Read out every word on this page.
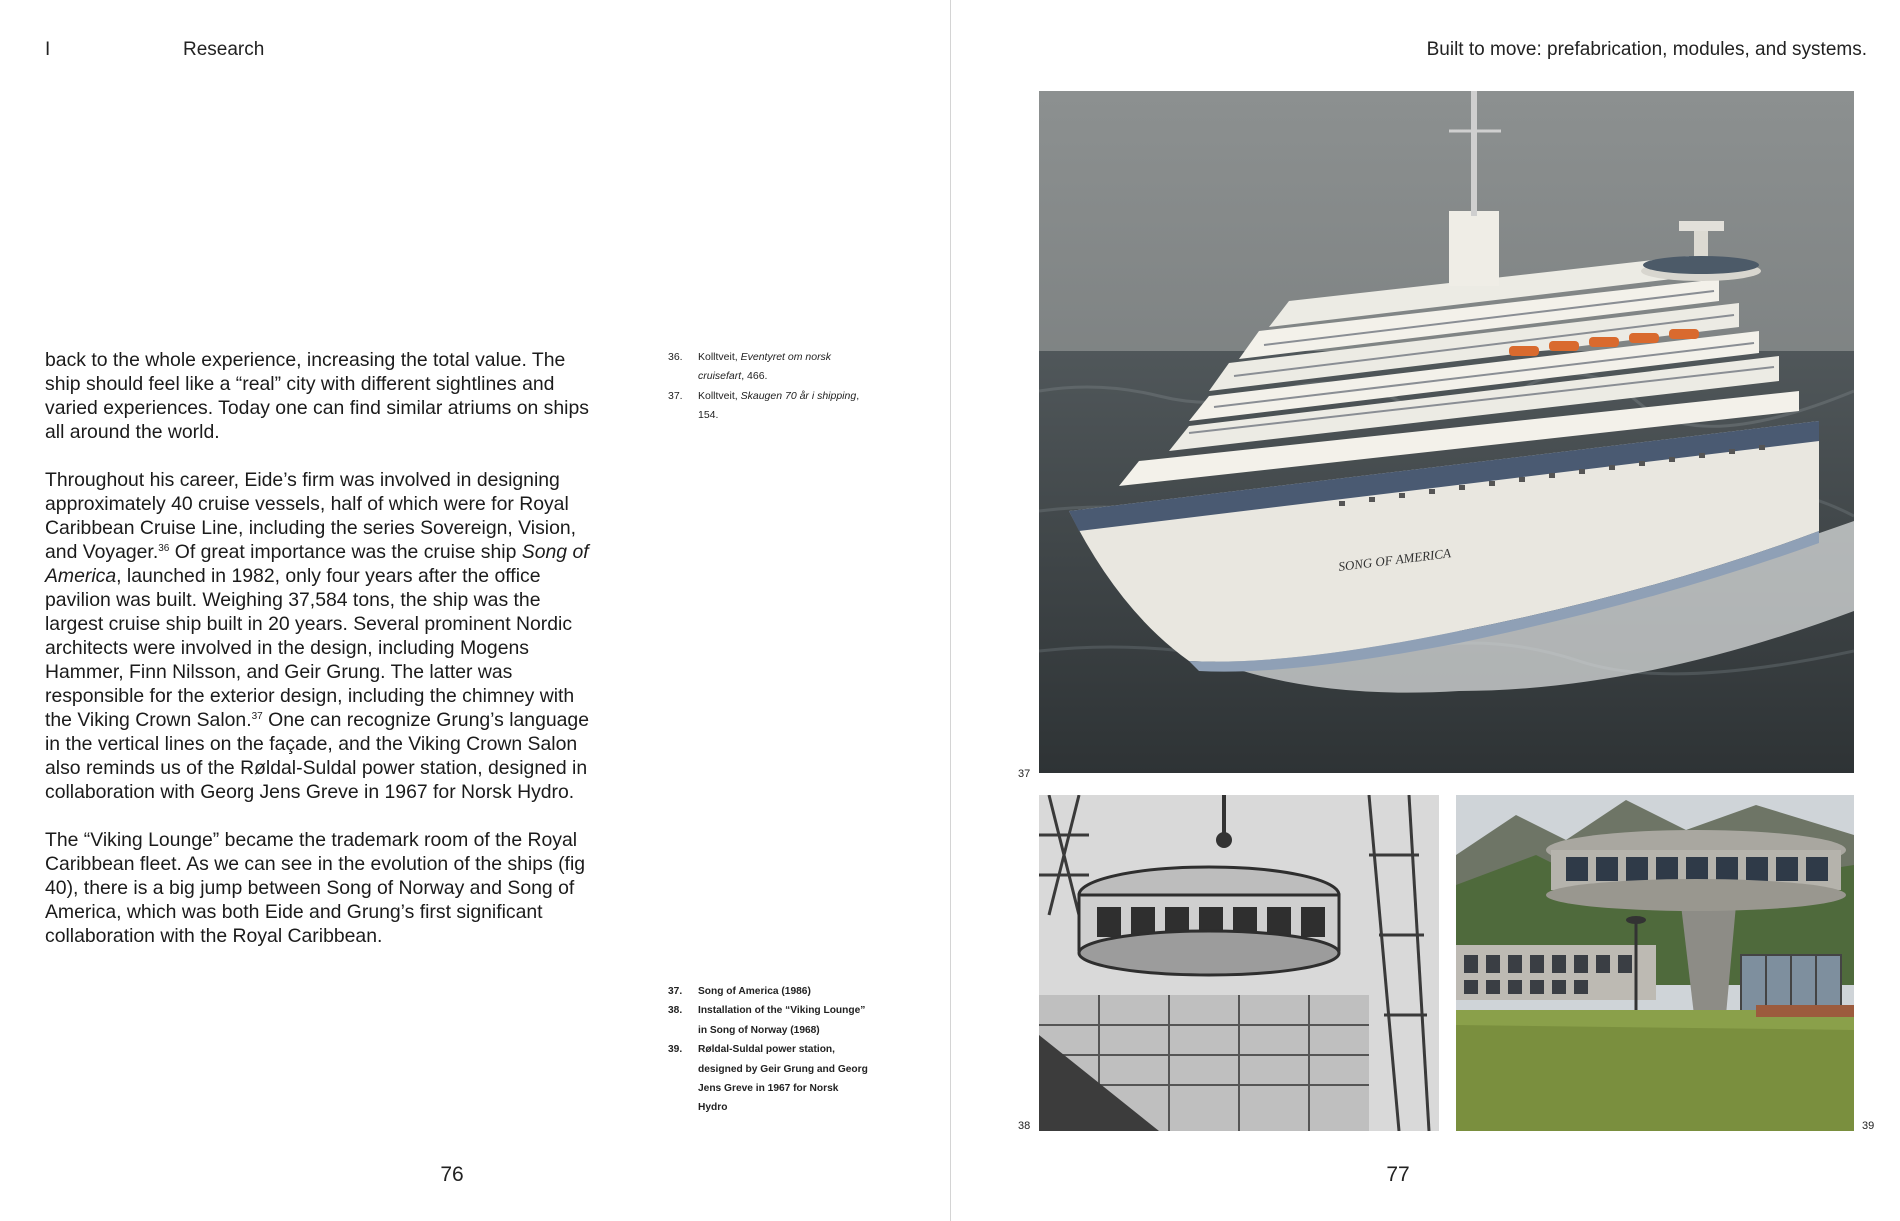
I	Research

back to the whole experience, increasing the total value. The ship should feel like a “real” city with different sightlines and varied experiences. Today one can find similar atriums on ships all around the world.

Throughout his career, Eide’s firm was involved in designing approximately 40 cruise vessels, half of which were for Royal Caribbean Cruise Line, including the series Sovereign, Vision, and Voyager.$^{36}$ Of great importance was the cruise ship Song of America, launched in 1982, only four years after the office pavilion was built. Weighing 37,584 tons, the ship was the largest cruise ship built in 20 years. Several prominent Nordic architects were involved in the design, including Mogens Hammer, Finn Nilsson, and Geir Grung. The latter was responsible for the exterior design, including the chimney with the Viking Crown Salon.$^{37}$ One can recognize Grung’s language in the vertical lines on the façade, and the Viking Crown Salon also reminds us of the Røldal-Suldal power station, designed in collaboration with Georg Jens Greve in 1967 for Norsk Hydro.

The “Viking Lounge” became the trademark room of the Royal Caribbean fleet. As we can see in the evolution of the ships (fig 40), there is a big jump between Song of Norway and Song of America, which was both Eide and Grung’s first significant collaboration with the Royal Caribbean.

36.	Kolltveit, Eventyret om norsk cruisefart, 466.
37.	Kolltveit, Skaugen 70 år i shipping, 154.
37.	Song of America (1986)
38.	Installation of the “Viking Lounge” in Song of Norway (1968)
39.	Røldal-Suldal power station, designed by Geir Grung and Georg Jens Greve in 1967 for Norsk Hydro
76
Built to move: prefabrication, modules, and systems.
SONG OF AMERICA
37
38	39
77
